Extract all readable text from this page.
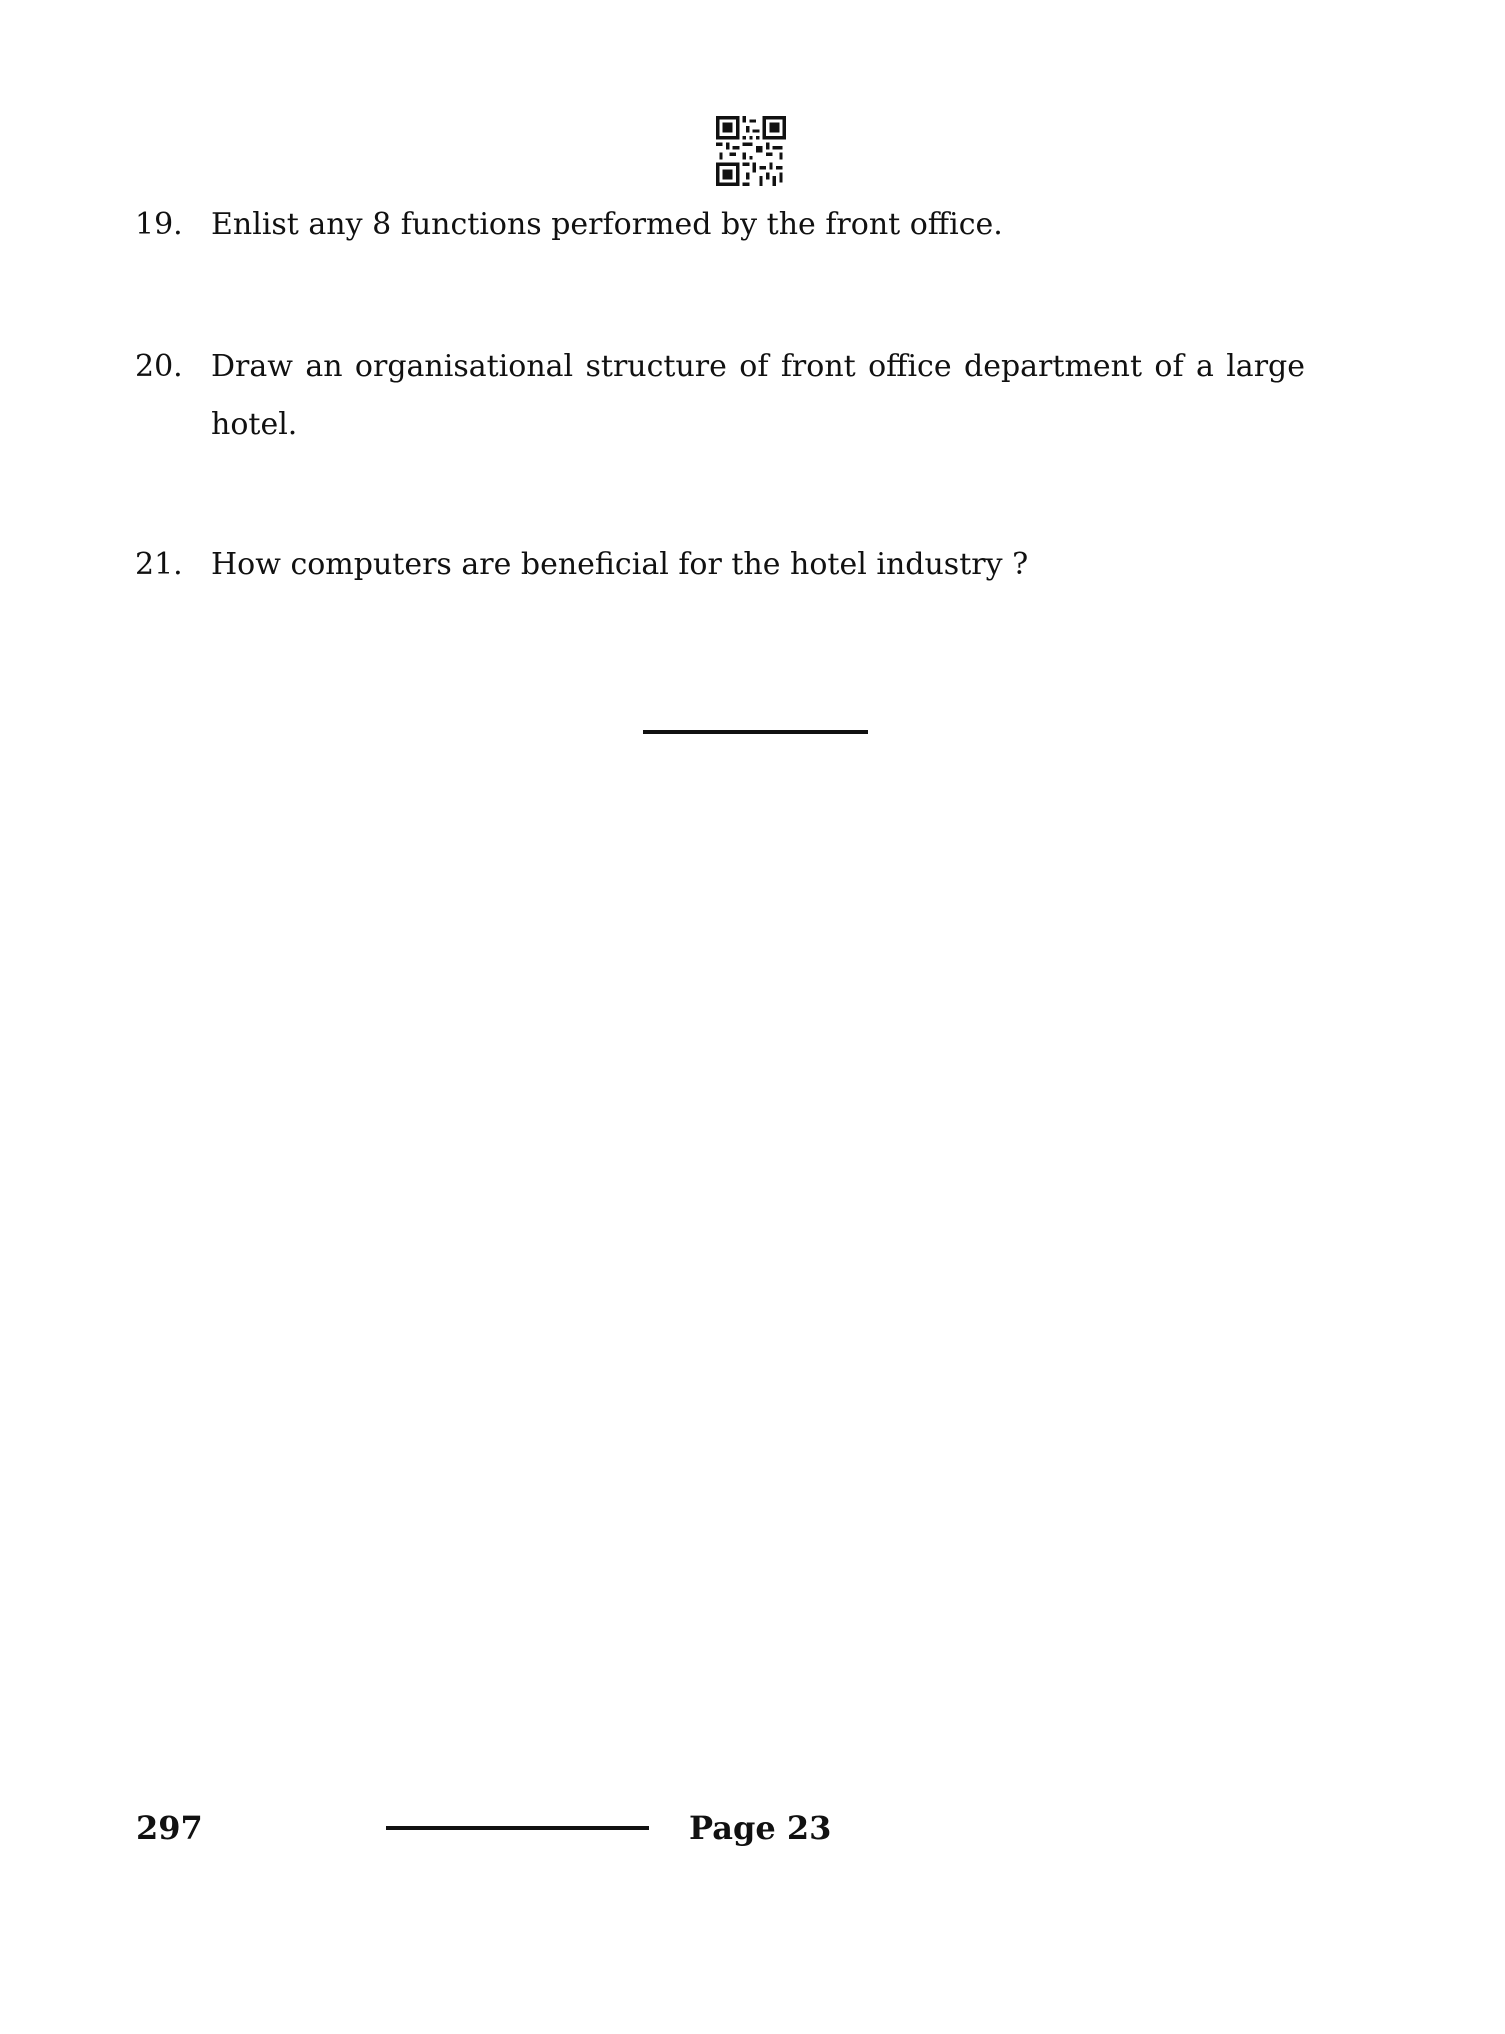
19. Enlist any 8 functions performed by the front office.
20. Draw an organisational structure of front office department of a large hotel.
21. How computers are beneficial for the hotel industry ?
297	Page 23
